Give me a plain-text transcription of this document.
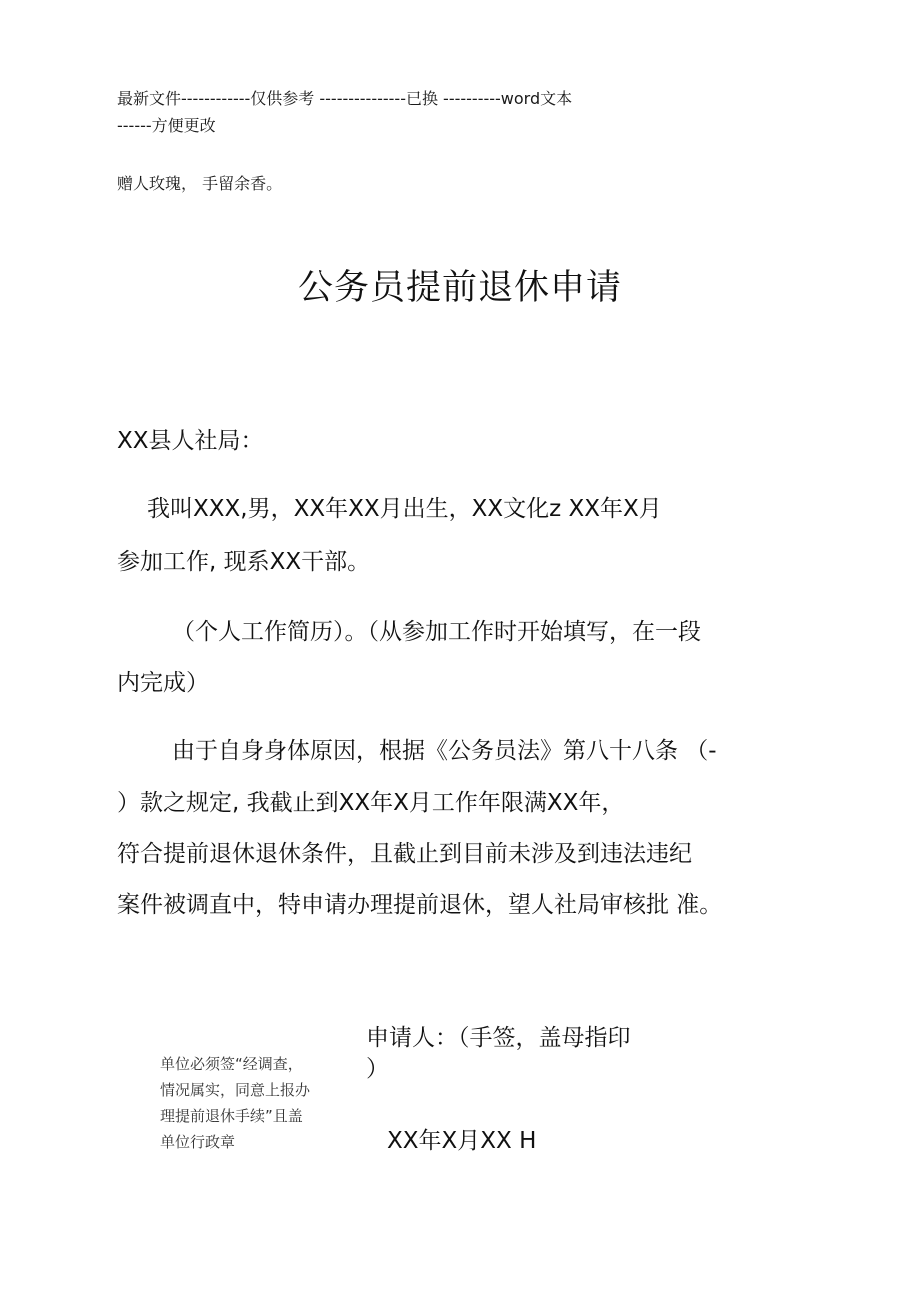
最新文件------------仅供参考 ---------------已换 ----------word文本
------方便更改
赠人玫瑰， 手留余香。
公务员提前退休申请
XX县人社局：
我叫XXX,男，XX年XX月出生，XX文化z XX年X月
参加工作, 现系XX干部。
（个人工作简历）。（从参加工作时开始填写，在一段
内完成）
由于自身身体原因，根据《公务员法》第八十八条 （-
）款之规定, 我截止到XX年X月工作年限满XX年，
符合提前退休退休条件，且截止到目前未涉及到违法违纪
案件被调直中，特申请办理提前退休，望人社局审核批 准。
单位必须签“经调查，情况属实，同意上报办理提前退休手续”且盖单位行政章
申请人：（手签，盖母指印
）
XX年X月XX H
